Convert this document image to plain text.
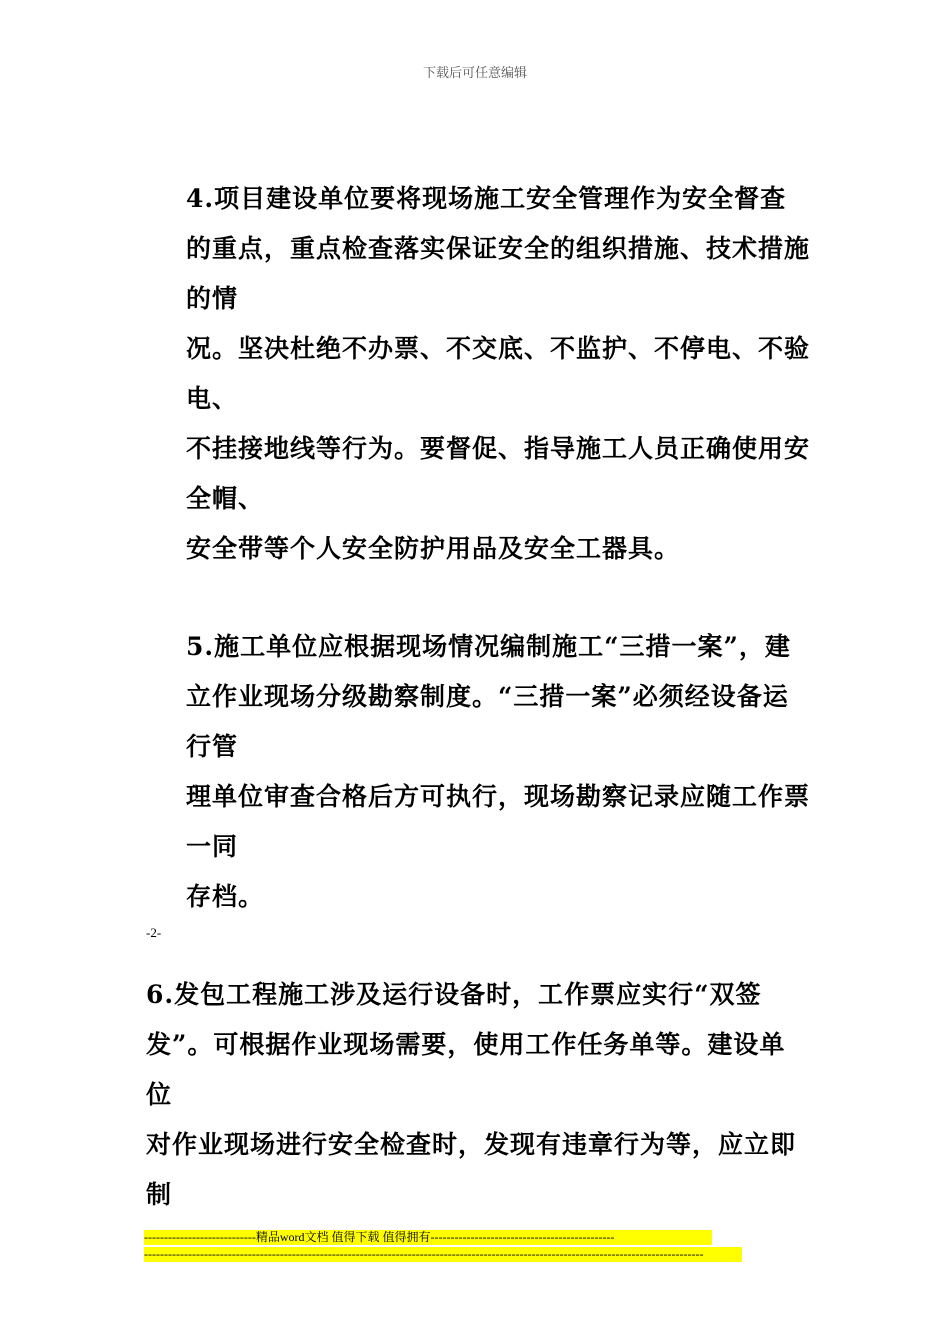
下载后可任意编辑
4.项目建设单位要将现场施工安全管理作为安全督查
的重点，重点检查落实保证安全的组织措施、技术措施
的情
况。坚决杜绝不办票、不交底、不监护、不停电、不验
电、
不挂接地线等行为。要督促、指导施工人员正确使用安
全帽、
安全带等个人安全防护用品及安全工器具。
5.施工单位应根据现场情况编制施工“三措一案”，建
立作业现场分级勘察制度。“三措一案”必须经设备运
行管
理单位审查合格后方可执行，现场勘察记录应随工作票
一同
存档。
-2-
6.发包工程施工涉及运行设备时，工作票应实行“双签
发”。可根据作业现场需要，使用工作任务单等。建设单
位
对作业现场进行安全检查时，发现有违章行为等，应立即
制
----------------------------精品word文档 值得下载 值得拥有----------------------------------------------
--------------------------------------------------------------------------------------------------------------------------------------------
